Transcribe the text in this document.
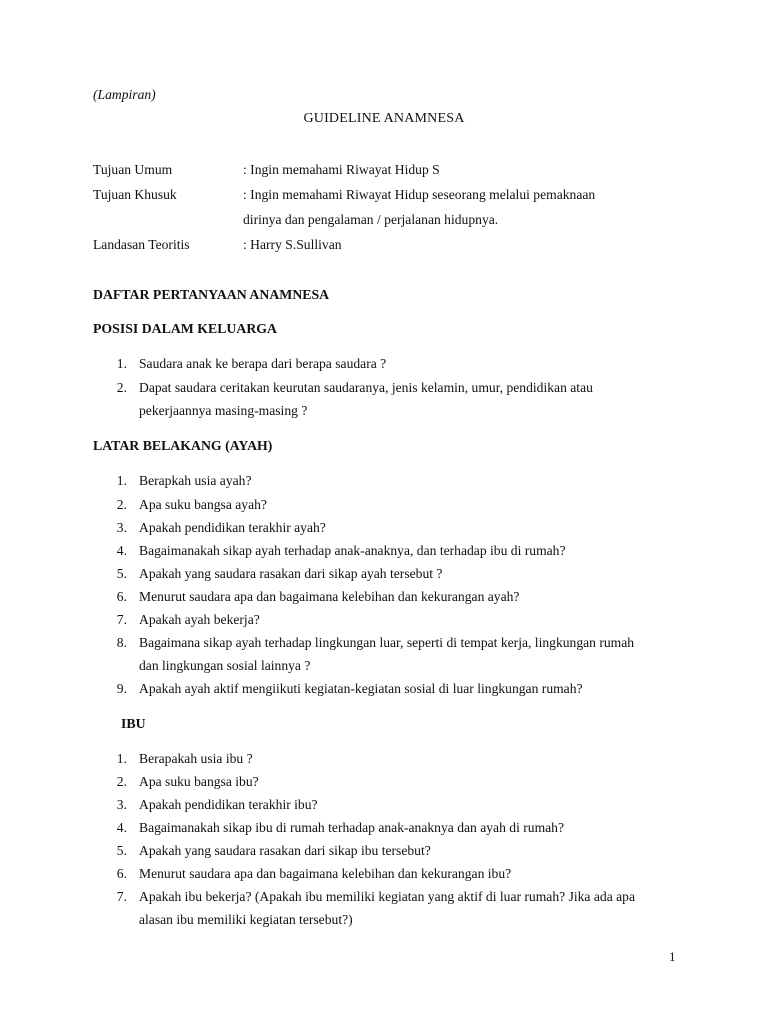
(Lampiran)
GUIDELINE ANAMNESA
Tujuan Umum	: Ingin memahami Riwayat Hidup S
Tujuan Khusuk	: Ingin memahami Riwayat Hidup seseorang melalui pemaknaan
dirinya dan pengalaman / perjalanan hidupnya.
Landasan Teoritis	: Harry S.Sullivan
DAFTAR PERTANYAAN ANAMNESA
POSISI DALAM KELUARGA
1. Saudara anak ke berapa dari berapa saudara ?
2. Dapat saudara ceritakan keurutan saudaranya, jenis kelamin, umur, pendidikan atau
pekerjaannya masing-masing ?
LATAR BELAKANG (AYAH)
1. Berapkah usia ayah?
2. Apa suku bangsa ayah?
3. Apakah pendidikan terakhir ayah?
4. Bagaimanakah sikap ayah terhadap anak-anaknya, dan terhadap ibu di rumah?
5. Apakah yang saudara rasakan dari sikap ayah tersebut ?
6. Menurut saudara apa dan bagaimana kelebihan dan kekurangan ayah?
7. Apakah ayah bekerja?
8. Bagaimana sikap ayah terhadap lingkungan luar, seperti di tempat kerja, lingkungan rumah
dan lingkungan sosial lainnya ?
9. Apakah ayah aktif mengiikuti kegiatan-kegiatan sosial di luar lingkungan rumah?
IBU
1. Berapakah usia ibu ?
2. Apa suku bangsa ibu?
3. Apakah pendidikan terakhir ibu?
4. Bagaimanakah sikap ibu di rumah terhadap anak-anaknya dan ayah di rumah?
5. Apakah yang saudara rasakan dari sikap ibu tersebut?
6. Menurut saudara apa dan bagaimana kelebihan dan kekurangan ibu?
7. Apakah ibu bekerja? (Apakah ibu memiliki kegiatan yang aktif di luar rumah? Jika ada apa
alasan ibu memiliki kegiatan tersebut?)
1
